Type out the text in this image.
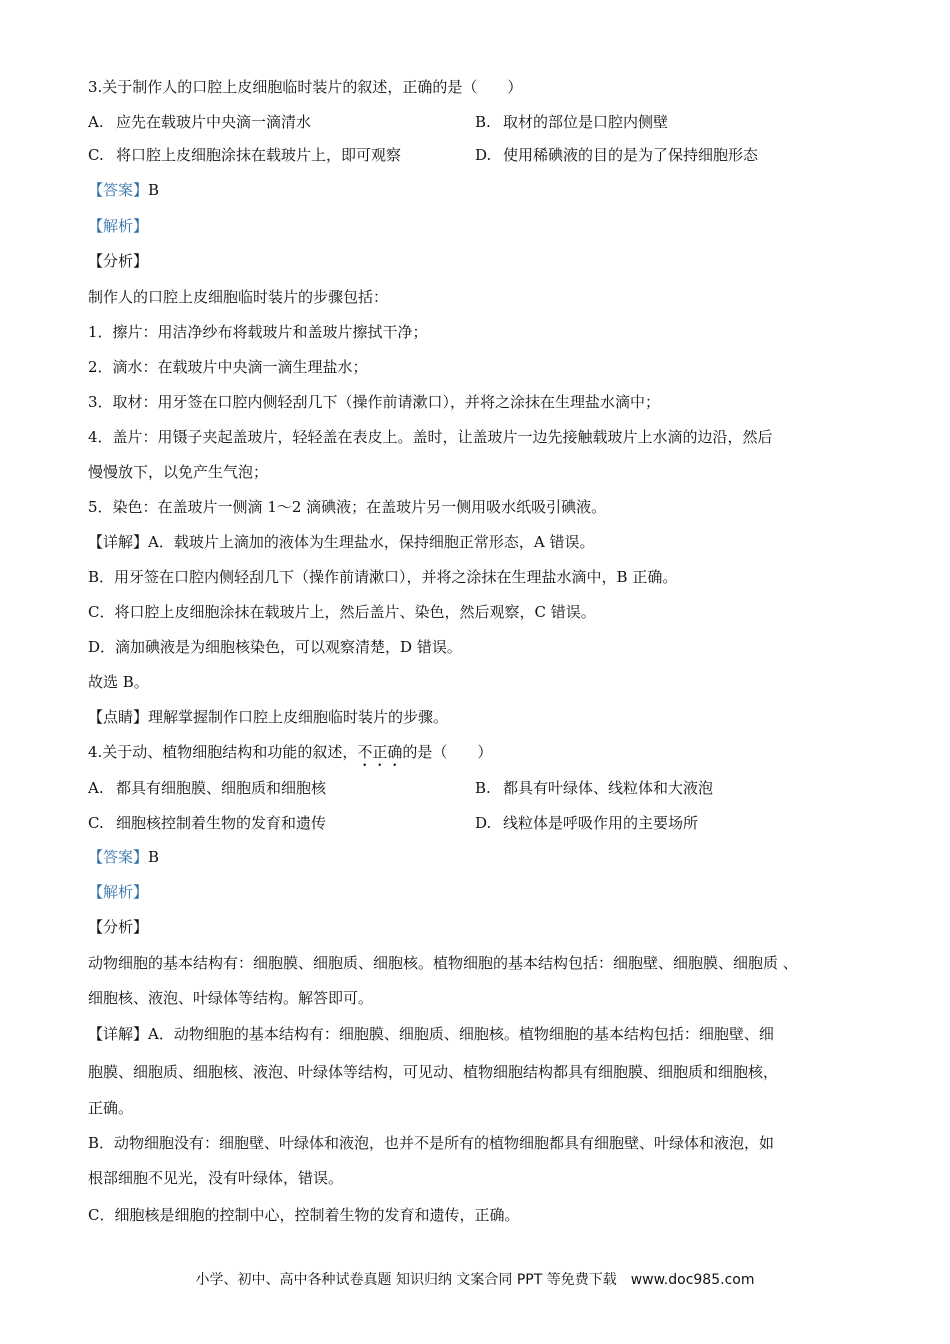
3.关于制作人的口腔上皮细胞临时装片的叙述，正确的是（　　）
A. 应先在载玻片中央滴一滴清水	B. 取材的部位是口腔内侧壁
C. 将口腔上皮细胞涂抹在载玻片上，即可观察	D. 使用稀碘液的目的是为了保持细胞形态
【答案】B
【解析】
【分析】
制作人的口腔上皮细胞临时装片的步骤包括：
1．擦片：用洁净纱布将载玻片和盖玻片擦拭干净；
2．滴水：在载玻片中央滴一滴生理盐水；
3．取材：用牙签在口腔内侧轻刮几下（操作前请漱口），并将之涂抹在生理盐水滴中；
4．盖片：用镊子夹起盖玻片，轻轻盖在表皮上。盖时，让盖玻片一边先接触载玻片上水滴的边沿，然后
慢慢放下，以免产生气泡；
5．染色：在盖玻片一侧滴 1～2 滴碘液；在盖玻片另一侧用吸水纸吸引碘液。
【详解】A．载玻片上滴加的液体为生理盐水，保持细胞正常形态，A 错误。
B．用牙签在口腔内侧轻刮几下（操作前请漱口），并将之涂抹在生理盐水滴中，B 正确。
C．将口腔上皮细胞涂抹在载玻片上，然后盖片、染色，然后观察，C 错误。
D．滴加碘液是为细胞核染色，可以观察清楚，D 错误。
故选 B。
【点睛】理解掌握制作口腔上皮细胞临时装片的步骤。
4.关于动、植物细胞结构和功能的叙述，不正确的是（　　）
A. 都具有细胞膜、细胞质和细胞核	B. 都具有叶绿体、线粒体和大液泡
C. 细胞核控制着生物的发育和遗传	D. 线粒体是呼吸作用的主要场所
【答案】B
【解析】
【分析】
动物细胞的基本结构有：细胞膜、细胞质、细胞核。植物细胞的基本结构包括：细胞壁、细胞膜、细胞质 、
细胞核、液泡、叶绿体等结构。解答即可。
【详解】A．动物细胞的基本结构有：细胞膜、细胞质、细胞核。植物细胞的基本结构包括：细胞壁、细
胞膜、细胞质、细胞核、液泡、叶绿体等结构，可见动、植物细胞结构都具有细胞膜、细胞质和细胞核，
正确。
B．动物细胞没有：细胞壁、叶绿体和液泡，也并不是所有的植物细胞都具有细胞壁、叶绿体和液泡，如
根部细胞不见光，没有叶绿体，错误。
C．细胞核是细胞的控制中心，控制着生物的发育和遗传，正确。
小学、初中、高中各种试卷真题 知识归纳 文案合同 PPT 等免费下载　www.doc985.com
